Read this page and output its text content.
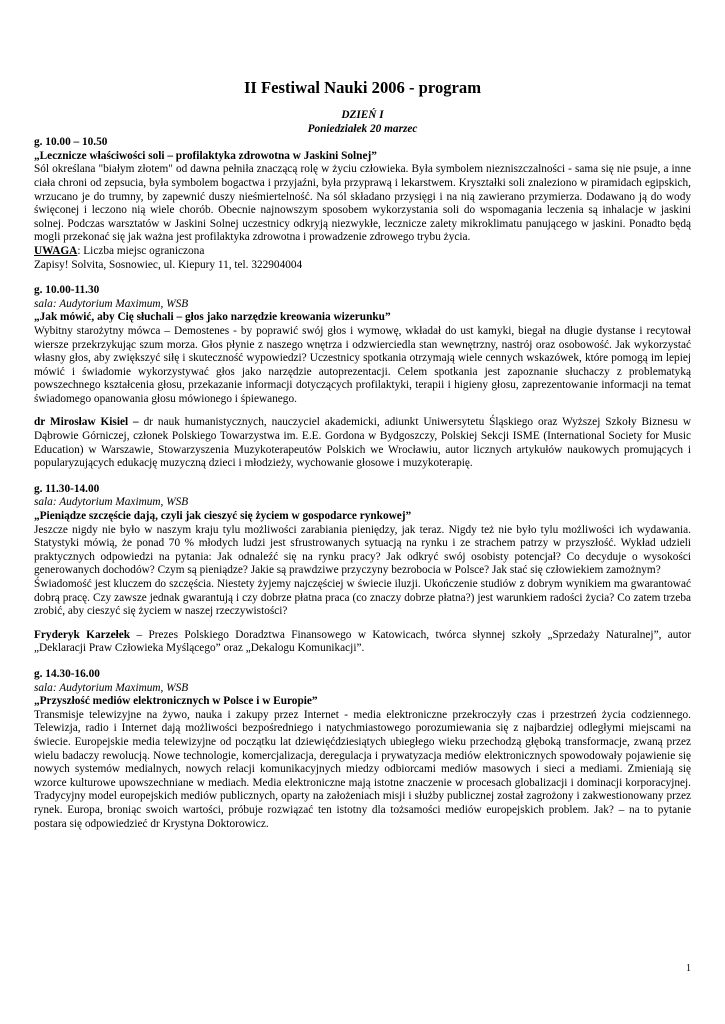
II Festiwal Nauki 2006 - program

DZIEŃ I

Poniedziałek 20 marzec

g. 10.00 – 10.50

„Lecznicze właściwości soli – profilaktyka zdrowotna w Jaskini Solnej”

Sól określana "białym złotem" od dawna pełniła znaczącą rolę w życiu człowieka. Była symbolem niezniszczalności - sama się nie psuje, a inne ciała chroni od zepsucia, była symbolem bogactwa i przyjaźni, była przyprawą i lekarstwem. Kryształki soli znaleziono w piramidach egipskich, wrzucano je do trumny, by zapewnić duszy nieśmiertelność. Na sól składano przysięgi i na nią zawierano przymierza. Dodawano ją do wody święconej i leczono nią wiele chorób. Obecnie najnowszym sposobem wykorzystania soli do wspomagania leczenia są inhalacje w jaskini solnej. Podczas warsztatów w Jaskini Solnej uczestnicy odkryją niezwykłe, lecznicze zalety mikroklimatu panującego w jaskini. Ponadto będą mogli przekonać się jak ważna jest profilaktyka zdrowotna i prowadzenie zdrowego trybu życia.

UWAGA: Liczba miejsc ograniczona

Zapisy! Solvita, Sosnowiec, ul. Kiepury 11, tel. 322904004

g. 10.00-11.30

sala: Audytorium Maximum, WSB

„Jak mówić, aby Cię słuchali – głos jako narzędzie kreowania wizerunku”

Wybitny starożytny mówca – Demostenes - by poprawić swój głos i wymowę, wkładał do ust kamyki, biegał na długie dystanse i recytował wiersze przekrzykując szum morza. Głos płynie z naszego wnętrza i odzwierciedla stan wewnętrzny, nastrój oraz osobowość. Jak wykorzystać własny głos, aby zwiększyć siłę i skuteczność wypowiedzi? Uczestnicy spotkania otrzymają wiele cennych wskazówek, które pomogą im lepiej mówić i świadomie wykorzystywać głos jako narzędzie autoprezentacji. Celem spotkania jest zapoznanie słuchaczy z problematyką powszechnego kształcenia głosu, przekazanie informacji dotyczących profilaktyki, terapii i higieny głosu, zaprezentowanie informacji na temat świadomego opanowania głosu mówionego i śpiewanego.

dr Mirosław Kisiel – dr nauk humanistycznych, nauczyciel akademicki, adiunkt Uniwersytetu Śląskiego oraz Wyższej Szkoły Biznesu w Dąbrowie Górniczej, członek Polskiego Towarzystwa im. E.E. Gordona w Bydgoszczy, Polskiej Sekcji ISME (International Society for Music Education) w Warszawie, Stowarzyszenia Muzykoterapeutów Polskich we Wrocławiu, autor licznych artykułów naukowych promujących i popularyzujących edukację muzyczną dzieci i młodzieży, wychowanie głosowe i muzykoterapię.

g. 11.30-14.00

sala: Audytorium Maximum, WSB

„Pieniądze szczęście dają, czyli jak cieszyć się życiem w gospodarce rynkowej”

Jeszcze nigdy nie było w naszym kraju tylu możliwości zarabiania pieniędzy, jak teraz. Nigdy też nie było tylu możliwości ich wydawania. Statystyki mówią, że ponad 70 % młodych ludzi jest sfrustrowanych sytuacją na rynku i ze strachem patrzy w przyszłość. Wykład udzieli praktycznych odpowiedzi na pytania: Jak odnaleźć się na rynku pracy? Jak odkryć swój osobisty potencjał? Co decyduje o wysokości generowanych dochodów? Czym są pieniądze? Jakie są prawdziwe przyczyny bezrobocia w Polsce? Jak stać się człowiekiem zamożnym?

Świadomość jest kluczem do szczęścia. Niestety żyjemy najczęściej w świecie iluzji. Ukończenie studiów z dobrym wynikiem ma gwarantować dobrą pracę. Czy zawsze jednak gwarantują i czy dobrze płatna praca (co znaczy dobrze płatna?) jest warunkiem radości życia? Co zatem trzeba zrobić, aby cieszyć się życiem w naszej rzeczywistości?

Fryderyk Karzełek – Prezes Polskiego Doradztwa Finansowego w Katowicach, twórca słynnej szkoły „Sprzedaży Naturalnej”, autor „Deklaracji Praw Człowieka Myślącego” oraz „Dekalogu Komunikacji”.

g. 14.30-16.00

sala: Audytorium Maximum, WSB

„Przyszłość mediów elektronicznych w Polsce i w Europie”

Transmisje telewizyjne na żywo, nauka i zakupy przez Internet - media elektroniczne przekroczyły czas i przestrzeń życia codziennego. Telewizja, radio i Internet dają możliwości bezpośredniego i natychmiastowego porozumiewania się z najbardziej odległymi miejscami na świecie. Europejskie media telewizyjne od początku lat dziewięćdziesiątych ubiegłego wieku przechodzą głęboką transformacje, zwaną przez wielu badaczy rewolucją. Nowe technologie, komercjalizacja, deregulacja i prywatyzacja mediów elektronicznych spowodowały pojawienie się nowych systemów medialnych, nowych relacji komunikacyjnych miedzy odbiorcami mediów masowych i sieci a mediami. Zmieniają się wzorce kulturowe upowszechniane w mediach. Media elektroniczne mają istotne znaczenie w procesach globalizacji i dominacji korporacyjnej. Tradycyjny model europejskich mediów publicznych, oparty na założeniach misji i służby publicznej został zagrożony i zakwestionowany przez rynek. Europa, broniąc swoich wartości, próbuje rozwiązać ten istotny dla tożsamości mediów europejskich problem. Jak? – na to pytanie postara się odpowiedzieć dr Krystyna Doktorowicz.

1
